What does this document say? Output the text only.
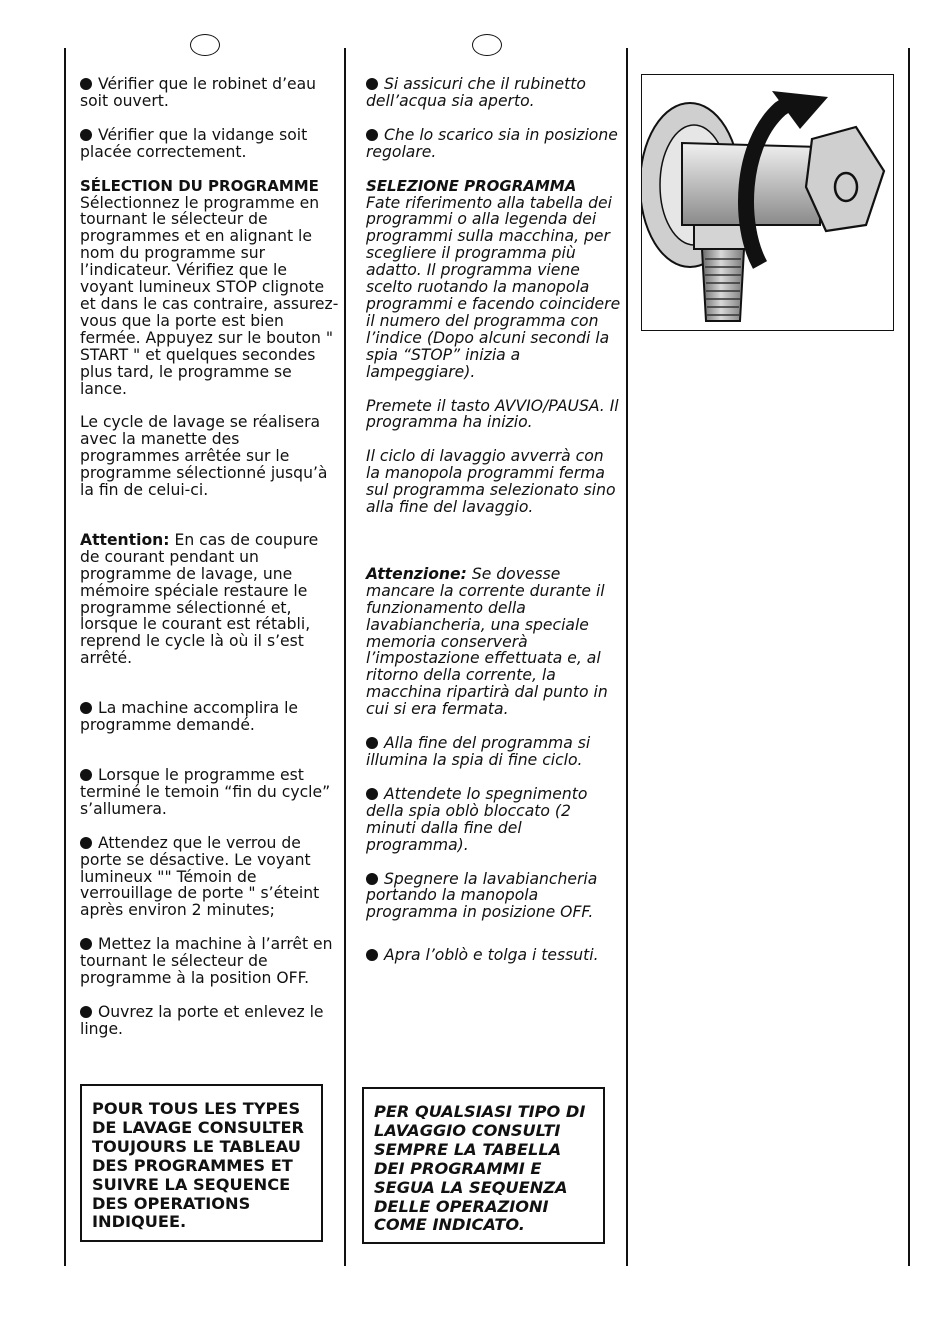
Vérifier que le robinet d’eau soit ouvert.

Vérifier que la vidange soit placée correctement.

SÉLECTION DU PROGRAMME

Sélectionnez le programme en tournant le sélecteur de programmes et en alignant le nom du programme sur l’indicateur. Vérifiez que le voyant lumineux STOP clignote et dans le cas contraire, assurez-vous que la porte est bien fermée. Appuyez sur le bouton " START " et quelques secondes plus tard, le programme se lance.

Le cycle de lavage se réalisera avec la manette des programmes arrêtée sur le programme sélectionné jusqu’à la fin de celui-ci.

Attention: En cas de coupure de courant pendant un programme de lavage, une mémoire spéciale restaure le programme sélectionné et, lorsque le courant est rétabli, reprend le cycle là où il s’est arrêté.

La machine accomplira le programme demandé.

Lorsque le programme est terminé le temoin “fin du cycle” s’allumera.

Attendez que le verrou de porte se désactive. Le voyant lumineux "" Témoin de verrouillage de porte " s’éteint après environ 2 minutes;

Mettez la machine à l’arrêt en tournant le sélecteur de programme à la position OFF.

Ouvrez la porte et enlevez le linge.

POUR TOUS LES TYPES DE LAVAGE CONSULTER TOUJOURS LE TABLEAU DES PROGRAMMES ET SUIVRE LA SEQUENCE DES OPERATIONS INDIQUEE.

Si assicuri che il rubinetto dell’acqua sia aperto.

Che lo scarico sia in posizione regolare.

SELEZIONE PROGRAMMA

Fate riferimento alla tabella dei programmi o alla legenda dei programmi sulla macchina, per scegliere il programma più adatto. Il programma viene scelto ruotando la manopola programmi e facendo coincidere il numero del programma con l’indice (Dopo alcuni secondi la spia “STOP” inizia a lampeggiare).

Premete il tasto AVVIO/PAUSA. Il programma ha inizio.

Il ciclo di lavaggio avverrà con la manopola programmi ferma sul programma selezionato sino alla fine del lavaggio.

Attenzione: Se dovesse mancare la corrente durante il funzionamento della lavabiancheria, una speciale memoria conserverà l’impostazione effettuata e, al ritorno della corrente, la macchina ripartirà dal punto in cui si era fermata.

Alla fine del programma si illumina la spia di fine ciclo.

Attendete lo spegnimento della spia oblò bloccato (2 minuti dalla fine del programma).

Spegnere la lavabiancheria portando la manopola programma in posizione OFF.

Apra l’oblò e tolga i tessuti.

PER QUALSIASI TIPO DI LAVAGGIO CONSULTI SEMPRE LA TABELLA DEI PROGRAMMI E SEGUA LA SEQUENZA DELLE OPERAZIONI COME INDICATO.
